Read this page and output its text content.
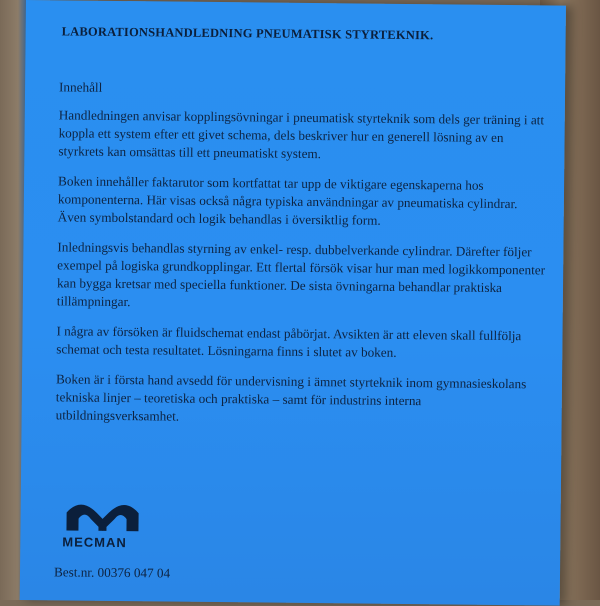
LABORATIONSHANDLEDNING PNEUMATISK STYRTEKNIK.

Innehåll

Handledningen anvisar kopplingsövningar i pneumatisk styrteknik som dels ger träning i att koppla ett system efter ett givet schema, dels beskriver hur en generell lösning av en styrkrets kan omsättas till ett pneumatiskt system.

Boken innehåller faktarutor som kortfattat tar upp de viktigare egenskaperna hos komponenterna. Här visas också några typiska användningar av pneumatiska cylindrar. Även symbolstandard och logik behandlas i översiktlig form.

Inledningsvis behandlas styrning av enkel- resp. dubbelverkande cylindrar. Därefter följer exempel på logiska grundkopplingar. Ett flertal försök visar hur man med logikkomponenter kan bygga kretsar med speciella funktioner. De sista övningarna behandlar praktiska tillämpningar.

I några av försöken är fluidschemat endast påbörjat. Avsikten är att eleven skall fullfölja schemat och testa resultatet. Lösningarna finns i slutet av boken.

Boken är i första hand avsedd för undervisning i ämnet styrteknik inom gymnasieskolans tekniska linjer – teoretiska och praktiska – samt för industrins interna utbildningsverksamhet.

MECMAN
Best.nr. 00376 047 04
